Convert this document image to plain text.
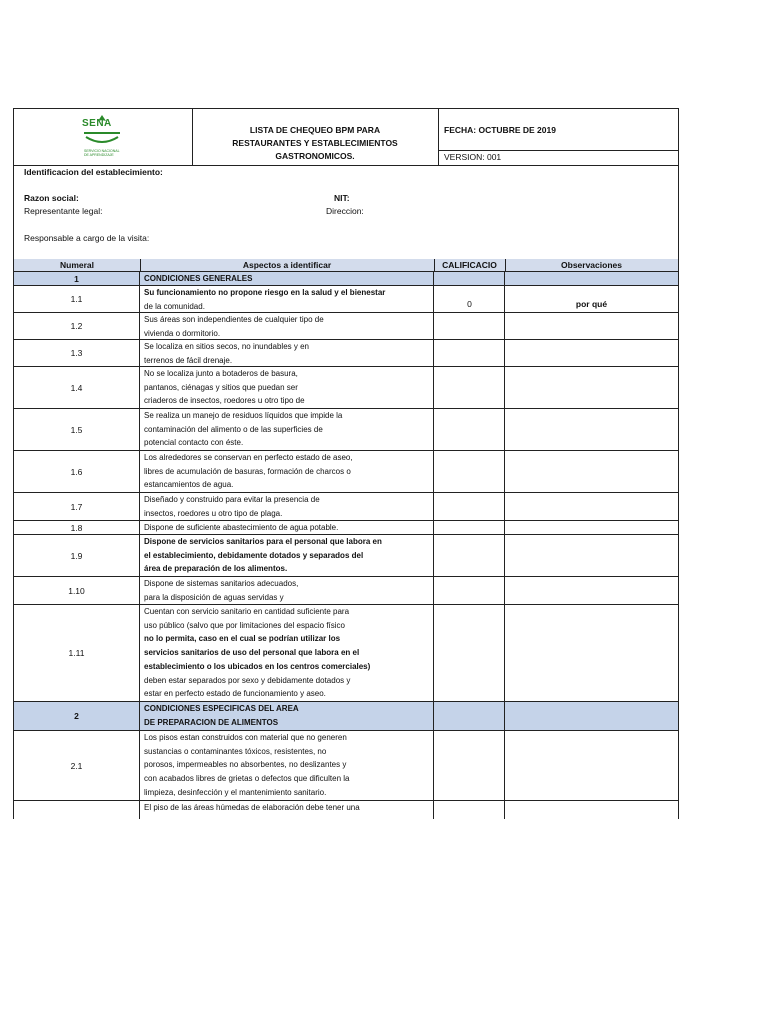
SENA
SERVICIO NACIONAL DE APRENDIZAJE
LISTA DE CHEQUEO BPM PARA
RESTAURANTES Y ESTABLECIMIENTOS
GASTRONOMICOS.
FECHA: OCTUBRE DE 2019
VERSION: 001
Identificacion del establecimiento:
Razon social:	NIT:
Representante legal:	Direccion:
Responsable a cargo de la visita:
Numeral	Aspectos a identificar	CALIFICACIO	Observaciones
1	CONDICIONES GENERALES
1.1
Su funcionamiento no propone riesgo en la salud y el bienestar
de la comunidad.	0	por qué
1.2
Sus áreas son independientes de cualquier tipo de
vivienda o dormitorio.
1.3
Se localiza en sitios secos, no inundables y en
terrenos de fácil drenaje.
1.4
No se localiza junto a botaderos de basura,
pantanos, ciénagas y sitios que puedan ser
criaderos de insectos, roedores u otro tipo de
1.5
Se realiza un manejo de residuos líquidos que impide la
contaminación del alimento o de las superficies de
potencial contacto con éste.
1.6
Los alrededores se conservan en perfecto estado de aseo,
libres de acumulación de basuras, formación de charcos o
estancamientos de agua.
1.7
Diseñado y construido para evitar la presencia de
insectos, roedores u otro tipo de plaga.
1.8	Dispone de suficiente abastecimiento de agua potable.
1.9
Dispone de servicios sanitarios para el personal que labora en
el establecimiento, debidamente dotados y separados del
área de preparación de los alimentos.
1.10
Dispone de sistemas sanitarios adecuados,
para la disposición de aguas servidas y
1.11
Cuentan con servicio sanitario en cantidad suficiente para
uso público (salvo que por limitaciones del espacio físico
no lo permita, caso en el cual se podrían utilizar los
servicios sanitarios de uso del personal que labora en el
establecimiento o los ubicados en los centros comerciales)
deben estar separados por sexo y debidamente dotados y
estar en perfecto estado de funcionamiento y aseo.
2
CONDICIONES ESPECIFICAS DEL AREA
DE PREPARACION DE ALIMENTOS
2.1
Los pisos estan construidos con material que no generen
sustancias o contaminantes tóxicos, resistentes, no
porosos, impermeables no absorbentes, no deslizantes y
con acabados libres de grietas o defectos que dificulten la
limpieza, desinfección y el mantenimiento sanitario.
El piso de las áreas húmedas de elaboración debe tener una
